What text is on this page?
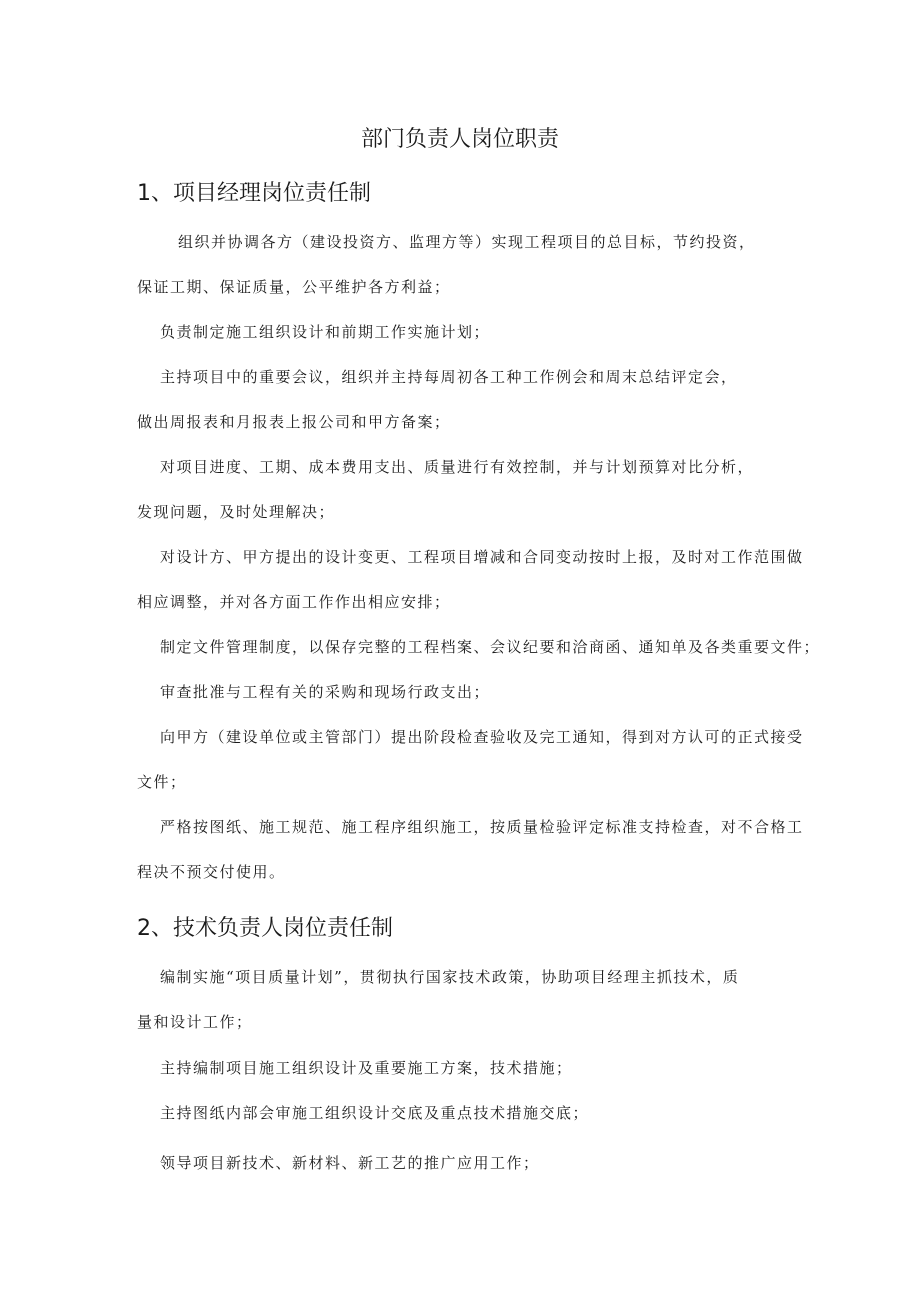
部门负责人岗位职责
1、项目经理岗位责任制

组织并协调各方（建设投资方、监理方等）实现工程项目的总目标，节约投资，

保证工期、保证质量，公平维护各方利益；

负责制定施工组织设计和前期工作实施计划；

主持项目中的重要会议，组织并主持每周初各工种工作例会和周末总结评定会，

做出周报表和月报表上报公司和甲方备案；

对项目进度、工期、成本费用支出、质量进行有效控制，并与计划预算对比分析，

发现问题，及时处理解决；

对设计方、甲方提出的设计变更、工程项目增减和合同变动按时上报，及时对工作范围做

相应调整，并对各方面工作作出相应安排；

制定文件管理制度，以保存完整的工程档案、会议纪要和洽商函、通知单及各类重要文件；

审查批准与工程有关的采购和现场行政支出；

向甲方（建设单位或主管部门）提出阶段检查验收及完工通知，得到对方认可的正式接受

文件；

严格按图纸、施工规范、施工程序组织施工，按质量检验评定标准支持检查，对不合格工

程决不预交付使用。

2、技术负责人岗位责任制

编制实施“项目质量计划”，贯彻执行国家技术政策，协助项目经理主抓技术，质

量和设计工作；

主持编制项目施工组织设计及重要施工方案，技术措施；

主持图纸内部会审施工组织设计交底及重点技术措施交底；

领导项目新技术、新材料、新工艺的推广应用工作；
